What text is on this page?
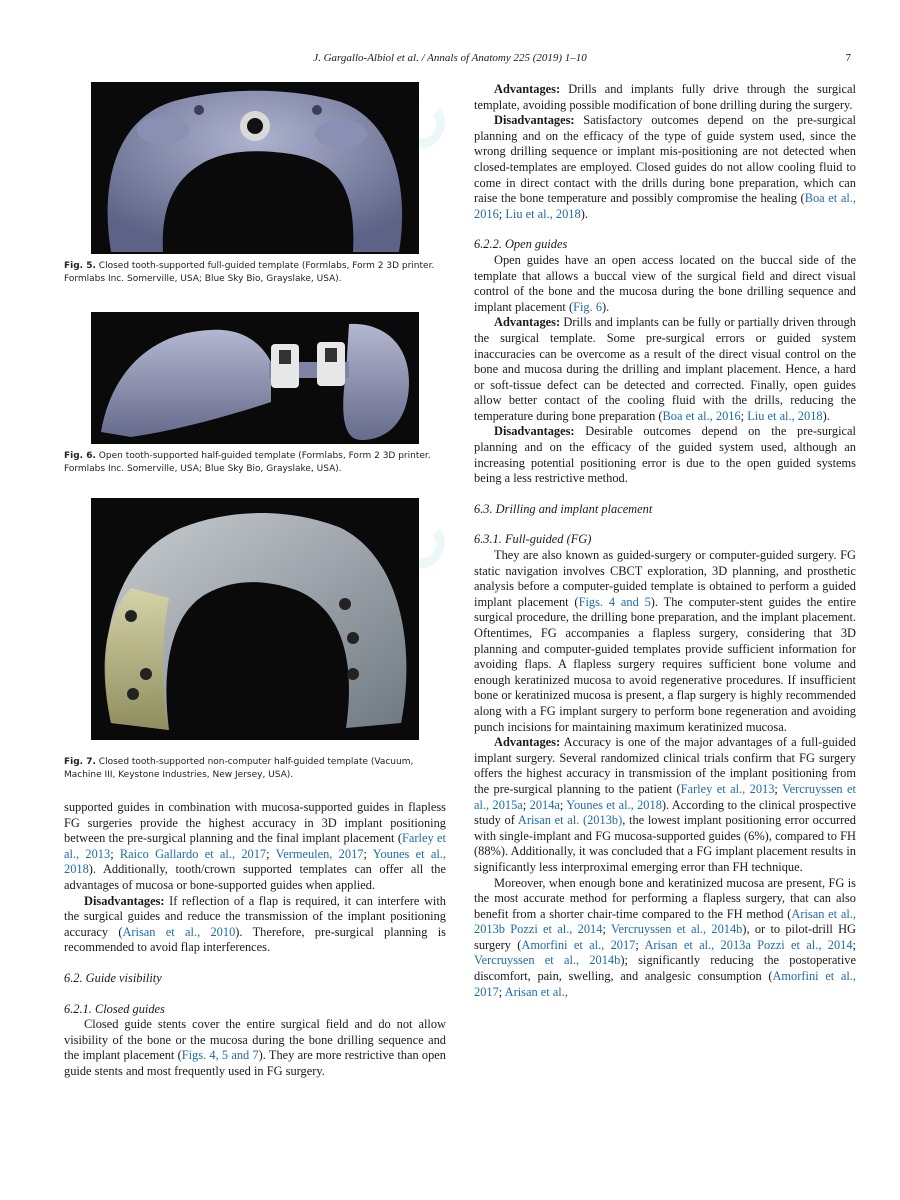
J. Gargallo-Albiol et al. / Annals of Anatomy 225 (2019) 1–10	7
Fig. 5. Closed tooth-supported full-guided template (Formlabs, Form 2 3D printer. Formlabs Inc. Somerville, USA; Blue Sky Bio, Grayslake, USA).
Fig. 6. Open tooth-supported half-guided template (Formlabs, Form 2 3D printer. Formlabs Inc. Somerville, USA; Blue Sky Bio, Grayslake, USA).
Fig. 7. Closed tooth-supported non-computer half-guided template (Vacuum, Machine III, Keystone Industries, New Jersey, USA).

supported guides in combination with mucosa-supported guides in flapless FG surgeries provide the highest accuracy in 3D implant positioning between the pre-surgical planning and the final implant placement (Farley et al., 2013; Raico Gallardo et al., 2017; Vermeulen, 2017; Younes et al., 2018). Additionally, tooth/crown supported templates can offer all the advantages of mucosa or bone-supported guides when applied.

Disadvantages: If reflection of a flap is required, it can interfere with the surgical guides and reduce the transmission of the implant positioning accuracy (Arisan et al., 2010). Therefore, pre-surgical planning is recommended to avoid flap interferences.

6.2. Guide visibility
6.2.1. Closed guides

Closed guide stents cover the entire surgical field and do not allow visibility of the bone or the mucosa during the bone drilling sequence and the implant placement (Figs. 4, 5 and 7). They are more restrictive than open guide stents and most frequently used in FG surgery.

Advantages: Drills and implants fully drive through the surgical template, avoiding possible modification of bone drilling during the surgery.

Disadvantages: Satisfactory outcomes depend on the pre-surgical planning and on the efficacy of the type of guide system used, since the wrong drilling sequence or implant mis-positioning are not detected when closed-templates are employed. Closed guides do not allow cooling fluid to come in direct contact with the drills during bone preparation, which can raise the bone temperature and possibly compromise the healing (Boa et al., 2016; Liu et al., 2018).

6.2.2. Open guides

Open guides have an open access located on the buccal side of the template that allows a buccal view of the surgical field and direct visual control of the bone and the mucosa during the bone drilling sequence and implant placement (Fig. 6).

Advantages: Drills and implants can be fully or partially driven through the surgical template. Some pre-surgical errors or guided system inaccuracies can be overcome as a result of the direct visual control on the bone and mucosa during the drilling and implant placement. Hence, a hard or soft-tissue defect can be detected and corrected. Finally, open guides allow better contact of the cooling fluid with the drills, reducing the temperature during bone preparation (Boa et al., 2016; Liu et al., 2018).

Disadvantages: Desirable outcomes depend on the pre-surgical planning and on the efficacy of the guided system used, although an increasing potential positioning error is due to the open guided systems being a less restrictive method.

6.3. Drilling and implant placement
6.3.1. Full-guided (FG)

They are also known as guided-surgery or computer-guided surgery. FG static navigation involves CBCT exploration, 3D planning, and prosthetic analysis before a computer-guided template is obtained to perform a guided implant placement (Figs. 4 and 5). The computer-stent guides the entire surgical procedure, the drilling bone preparation, and the implant placement. Oftentimes, FG accompanies a flapless surgery, considering that 3D planning and computer-guided templates provide sufficient information for avoiding flaps. A flapless surgery requires sufficient bone volume and enough keratinized mucosa to avoid regenerative procedures. If insufficient bone or keratinized mucosa is present, a flap surgery is highly recommended along with a FG implant surgery to perform bone regeneration and avoiding punch incisions for maintaining maximum keratinized mucosa.

Advantages: Accuracy is one of the major advantages of a full-guided implant surgery. Several randomized clinical trials confirm that FG surgery offers the highest accuracy in transmission of the implant positioning from the pre-surgical planning to the patient (Farley et al., 2013; Vercruyssen et al., 2015a; 2014a; Younes et al., 2018). According to the clinical prospective study of Arisan et al. (2013b), the lowest implant positioning error occurred with single-implant and FG mucosa-supported guides (6%), compared to FH (88%). Additionally, it was concluded that a FG implant placement results in significantly less interproximal emerging error than FH technique.

Moreover, when enough bone and keratinized mucosa are present, FG is the most accurate method for performing a flapless surgery, that can also benefit from a shorter chair-time compared to the FH method (Arisan et al., 2013b Pozzi et al., 2014; Vercruyssen et al., 2014b), or to pilot-drill HG surgery (Amorfini et al., 2017; Arisan et al., 2013a Pozzi et al., 2014; Vercruyssen et al., 2014b); significantly reducing the postoperative discomfort, pain, swelling, and analgesic consumption (Amorfini et al., 2017; Arisan et al.,
